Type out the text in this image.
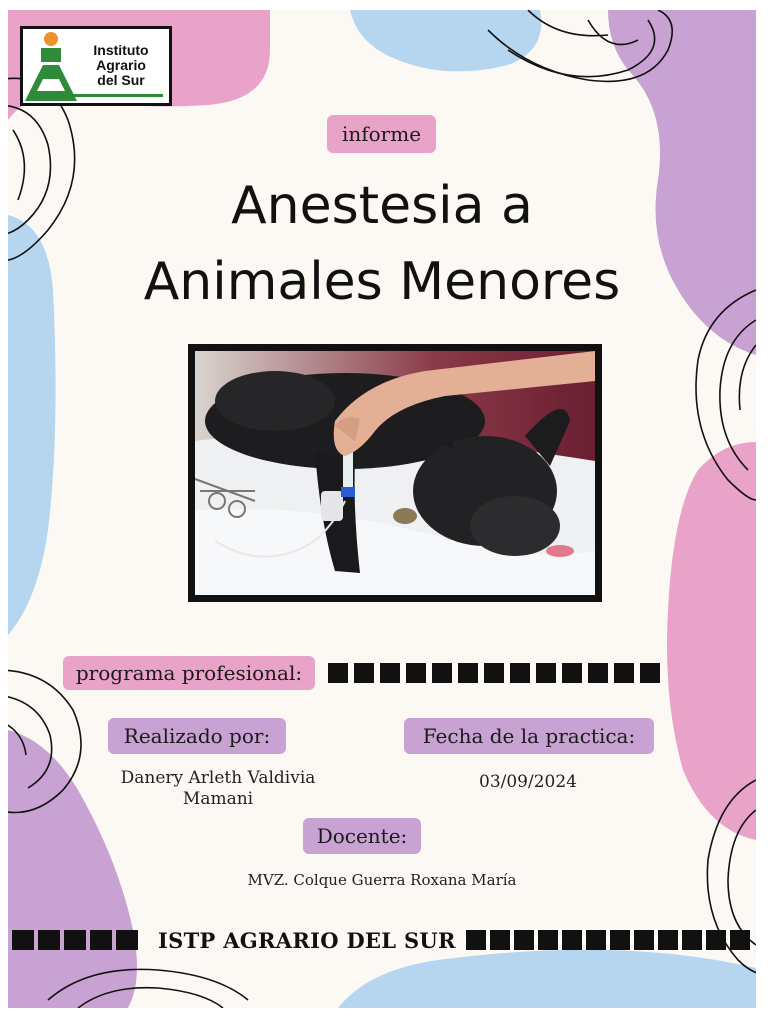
Instituto
Agrario
del Sur
informe
Anestesia a
Animales Menores
programa profesional:
Realizado por:
Danery Arleth Valdivia
Mamani
Fecha de la practica:
03/09/2024
Docente:
MVZ. Colque Guerra Roxana María
ISTP AGRARIO DEL SUR
